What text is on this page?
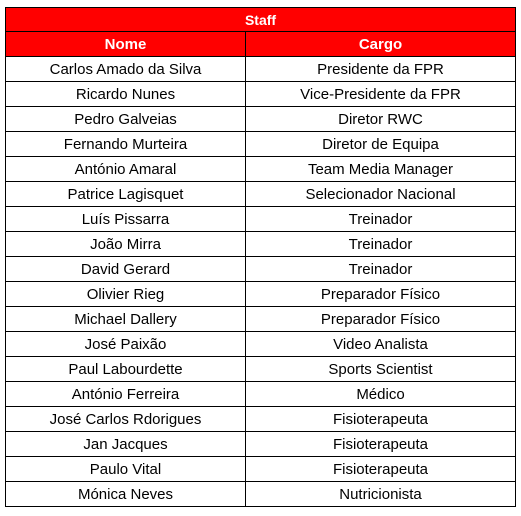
Staff	
Nome	Cargo
Carlos Amado da Silva	Presidente da FPR
Ricardo Nunes	Vice-Presidente da FPR
Pedro Galveias	Diretor RWC
Fernando Murteira	Diretor de Equipa
António Amaral	Team Media Manager
Patrice Lagisquet	Selecionador Nacional
Luís Pissarra	Treinador
João Mirra	Treinador
David Gerard	Treinador
Olivier Rieg	Preparador Físico
Michael Dallery	Preparador Físico
José Paixão	Video Analista
Paul Labourdette	Sports Scientist
António Ferreira	Médico
José Carlos Rdorigues	Fisioterapeuta
Jan Jacques	Fisioterapeuta
Paulo Vital	Fisioterapeuta
Mónica Neves	Nutricionista
